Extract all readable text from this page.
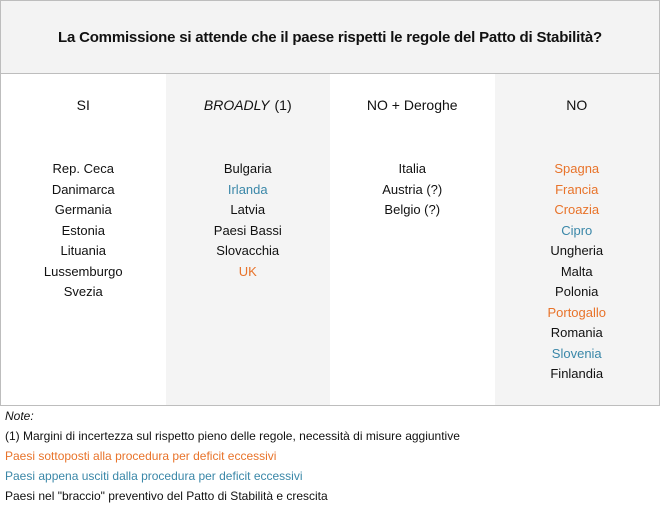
La Commissione si attende che il paese rispetti le regole del Patto di Stabilità?
SI
Rep. Ceca
Danimarca
Germania
Estonia
Lituania
Lussemburgo
Svezia
BROADLY (1)
Bulgaria
Irlanda
Latvia
Paesi Bassi
Slovacchia
UK
NO + Deroghe
Italia
Austria (?)
Belgio (?)
NO
Spagna
Francia
Croazia
Cipro
Ungheria
Malta
Polonia
Portogallo
Romania
Slovenia
Finlandia
Note:
(1) Margini di incertezza sul rispetto pieno delle regole, necessità di misure aggiuntive
Paesi sottoposti alla procedura per deficit eccessivi
Paesi appena usciti dalla procedura per deficit eccessivi
Paesi nel "braccio" preventivo del Patto di Stabilità e crescita
